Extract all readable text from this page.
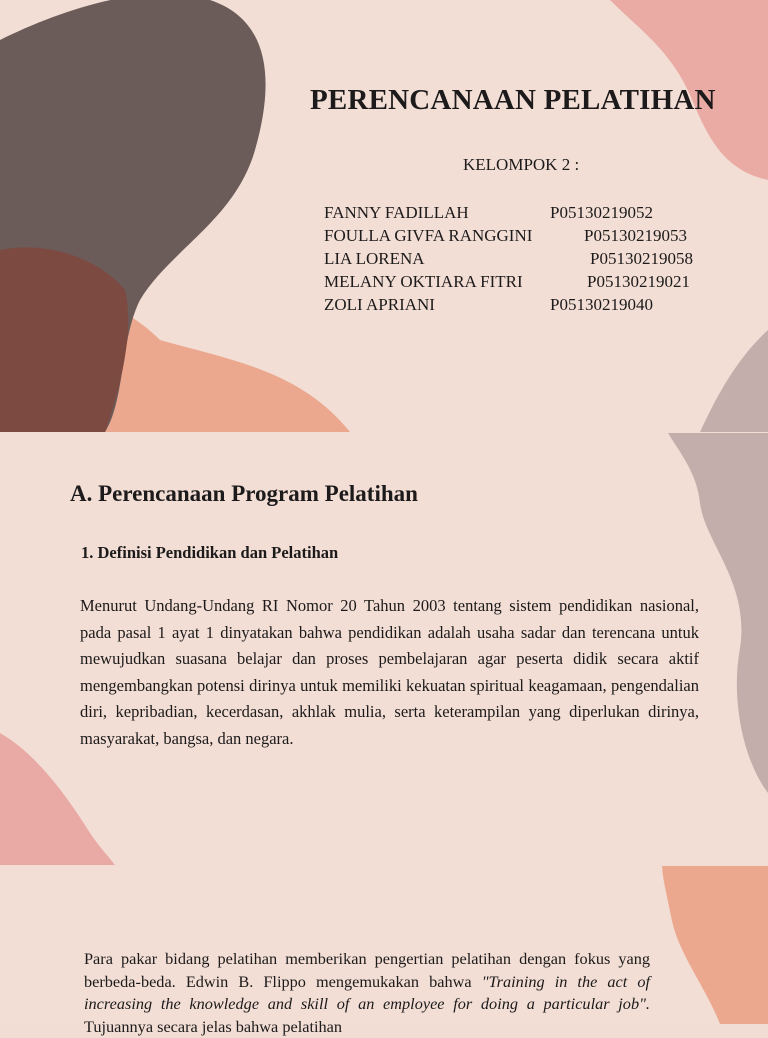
PERENCANAAN PELATIHAN
KELOMPOK 2 :
FANNY FADILLAH	P05130219052
FOULLA GIVFA RANGGINI	P05130219053
LIA LORENA	P05130219058
MELANY OKTIARA FITRI	P05130219021
ZOLI APRIANI	P05130219040
A. Perencanaan Program Pelatihan
1. Definisi Pendidikan dan Pelatihan

Menurut Undang-Undang RI Nomor 20 Tahun 2003 tentang sistem pendidikan nasional, pada pasal 1 ayat 1 dinyatakan bahwa pendidikan adalah usaha sadar dan terencana untuk mewujudkan suasana belajar dan proses pembelajaran agar peserta didik secara aktif mengembangkan potensi dirinya untuk memiliki kekuatan spiritual keagamaan, pengendalian diri, kepribadian, kecerdasan, akhlak mulia, serta keterampilan yang diperlukan dirinya, masyarakat, bangsa, dan negara.

Para pakar bidang pelatihan memberikan pengertian pelatihan dengan fokus yang berbeda-beda. Edwin B. Flippo mengemukakan bahwa "Training in the act of increasing the knowledge and skill of an employee for doing a particular job". Tujuannya secara jelas bahwa pelatihan
